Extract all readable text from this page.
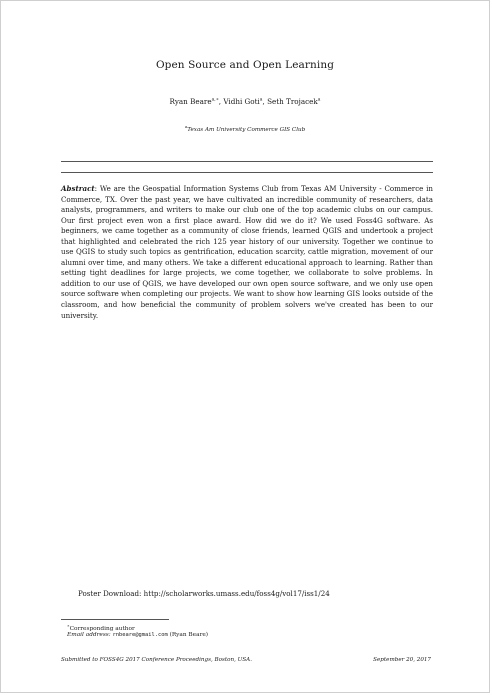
Open Source and Open Learning
Ryan Beare$^{a,∗}$, Vidhi Goti$^a$, Seth Trojacek$^a$
$^a$Texas Am University Commerce GIS Club
Abstract: We are the Geospatial Information Systems Club from Texas AM University - Commerce in Commerce, TX. Over the past year, we have cultivated an incredible community of researchers, data analysts, programmers, and writers to make our club one of the top academic clubs on our campus. Our first project even won a first place award. How did we do it? We used Foss4G software. As beginners, we came together as a community of close friends, learned QGIS and undertook a project that highlighted and celebrated the rich 125 year history of our university. Together we continue to use QGIS to study such topics as gentrification, education scarcity, cattle migration, movement of our alumni over time, and many others. We take a different educational approach to learning. Rather than setting tight deadlines for large projects, we come together, we collaborate to solve problems. In addition to our use of QGIS, we have developed our own open source software, and we only use open source software when completing our projects. We want to show how learning GIS looks outside of the classroom, and how beneficial the community of problem solvers we've created has been to our university.
Poster Download: http://scholarworks.umass.edu/foss4g/vol17/iss1/24
∗Corresponding author
Email address: rnbeare@gmail.com (Ryan Beare)
Submitted to FOSS4G 2017 Conference Proceedings, Boston, USA.	September 20, 2017
